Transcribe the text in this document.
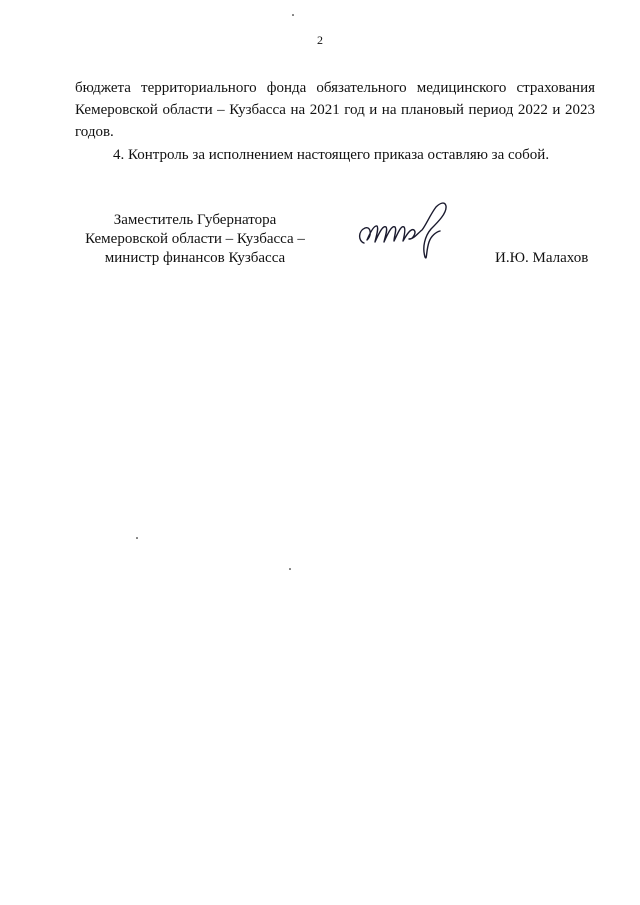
2

бюджета территориального фонда обязательного медицинского страхования Кемеровской области – Кузбасса на 2021 год и на плановый период 2022 и 2023 годов.

4. Контроль за исполнением настоящего приказа оставляю за собой.

Заместитель Губернатора
Кемеровской области – Кузбасса –
министр финансов Кузбасса	И.Ю. Малахов
